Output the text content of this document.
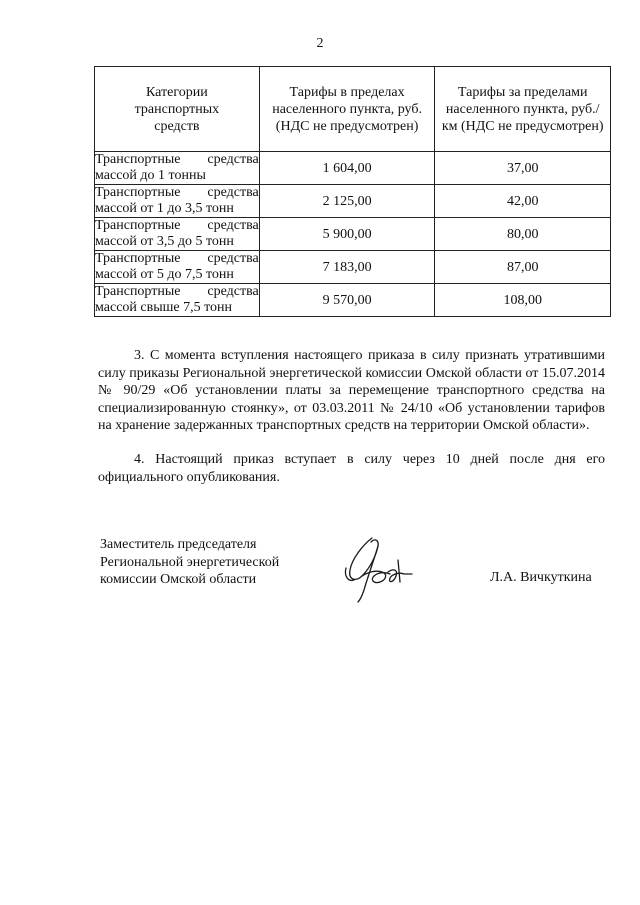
2
Категории транспортных средств	Тарифы в пределах населенного пункта, руб. (НДС не предусмотрен)	Тарифы за пределами населенного пункта, руб./км (НДС не предусмотрен)
Транспортные средства массой до 1 тонны	1 604,00	37,00
Транспортные средства массой от 1 до 3,5 тонн	2 125,00	42,00
Транспортные средства массой от 3,5 до 5 тонн	5 900,00	80,00
Транспортные средства массой от 5 до 7,5 тонн	7 183,00	87,00
Транспортные средства массой свыше 7,5 тонн	9 570,00	108,00

3. С момента вступления настоящего приказа в силу признать утратившими силу приказы Региональной энергетической комиссии Омской области от 15.07.2014 № 90/29 «Об установлении платы за перемещение транспортного средства на специализированную стоянку», от 03.03.2011 № 24/10 «Об установлении тарифов на хранение задержанных транспортных средств на территории Омской области».

4. Настоящий приказ вступает в силу через 10 дней после дня его официального опубликования.

Заместитель председателя
Региональной энергетической
комиссии Омской области	Л.А. Вичкуткина
